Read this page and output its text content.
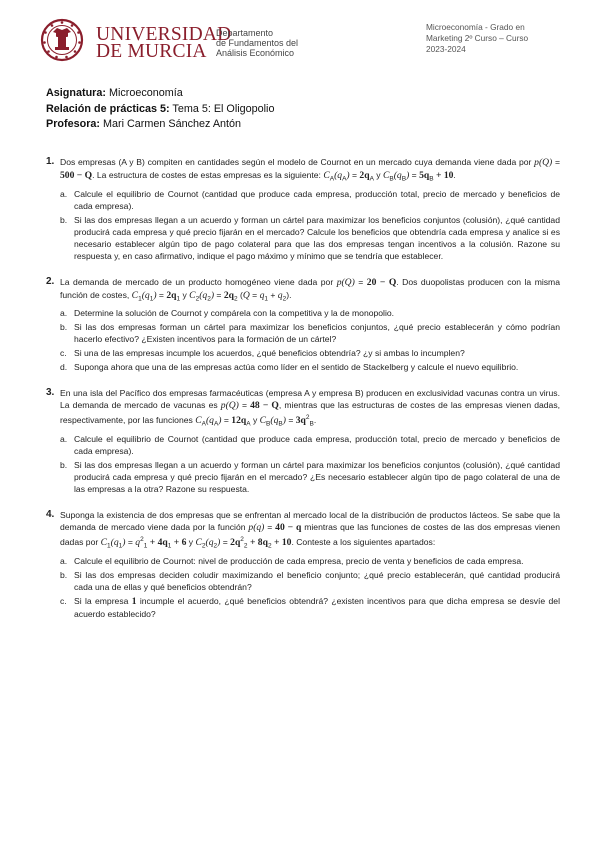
UNIVERSIDAD
DE MURCIA
Departamento
de Fundamentos del
Análisis Económico
Microeconomía - Grado en
Marketing 2º Curso – Curso
2023-2024
Asignatura: Microeconomía
Relación de prácticas 5: Tema 5: El Oligopolio
Profesora: Mari Carmen Sánchez Antón
1. Dos empresas (A y B) compiten en cantidades según el modelo de Cournot en un mercado cuya demanda viene dada por p(Q) = 500 − Q. La estructura de costes de estas empresas es la siguiente: $C_A(q_A) = 2q_A$ y $C_B(q_B) = 5q_B + 10$.
a. Calcule el equilibrio de Cournot (cantidad que produce cada empresa, producción total, precio de mercado y beneficios de cada empresa).
b. Si las dos empresas llegan a un acuerdo y forman un cártel para maximizar los beneficios conjuntos (colusión), ¿qué cantidad producirá cada empresa y qué precio fijarán en el mercado? Calcule los beneficios que obtendría cada empresa y analice si es necesario establecer algún tipo de pago colateral para que las dos empresas tengan incentivos a la colusión. Razone su respuesta y, en caso afirmativo, indique el pago máximo y mínimo que se tendría que establecer.
2. La demanda de mercado de un producto homogéneo viene dada por p(Q) = 20 − Q. Dos duopolistas producen con la misma función de costes, $C_1(q_1) = 2q_1$ y $C_2(q_2) = 2q_2$ $(Q = q_1 + q_2)$.
a. Determine la solución de Cournot y compárela con la competitiva y la de monopolio.
b. Si las dos empresas forman un cártel para maximizar los beneficios conjuntos, ¿qué precio establecerán y cómo podrían hacerlo efectivo? ¿Existen incentivos para la formación de un cártel?
c. Si una de las empresas incumple los acuerdos, ¿qué beneficios obtendría? ¿y si ambas lo incumplen?
d. Suponga ahora que una de las empresas actúa como líder en el sentido de Stackelberg y calcule el nuevo equilibrio.
3. En una isla del Pacífico dos empresas farmacéuticas (empresa A y empresa B) producen en exclusividad vacunas contra un virus. La demanda de mercado de vacunas es p(Q) = 48 − Q, mientras que las estructuras de costes de las empresas vienen dadas, respectivamente, por las funciones $C_A(q_A) = 12q_A$ y $C_B(q_B) = 3q^2_B$.
a. Calcule el equilibrio de Cournot (cantidad que produce cada empresa, producción total, precio de mercado y beneficios de cada empresa).
b. Si las dos empresas llegan a un acuerdo y forman un cártel para maximizar los beneficios conjuntos (colusión), ¿qué cantidad producirá cada empresa y qué precio fijarán en el mercado? ¿Es necesario establecer algún tipo de pago colateral de una de las empresas a la otra? Razone su respuesta.
4. Suponga la existencia de dos empresas que se enfrentan al mercado local de la distribución de productos lácteos. Se sabe que la demanda de mercado viene dada por la función p(q) = 40 − q mientras que las funciones de costes de las dos empresas vienen dadas por $C_1(q_1) = q^2_1 + 4q_1 + 6$ y $C_2(q_2) = 2q^2_2 + 8q_2 + 10$. Conteste a los siguientes apartados:
a. Calcule el equilibrio de Cournot: nivel de producción de cada empresa, precio de venta y beneficios de cada empresa.
b. Si las dos empresas deciden coludir maximizando el beneficio conjunto; ¿qué precio establecerán, qué cantidad producirá cada una de ellas y qué beneficios obtendrán?
c. Si la empresa 1 incumple el acuerdo, ¿qué beneficios obtendrá? ¿existen incentivos para que dicha empresa se desvíe del acuerdo establecido?
